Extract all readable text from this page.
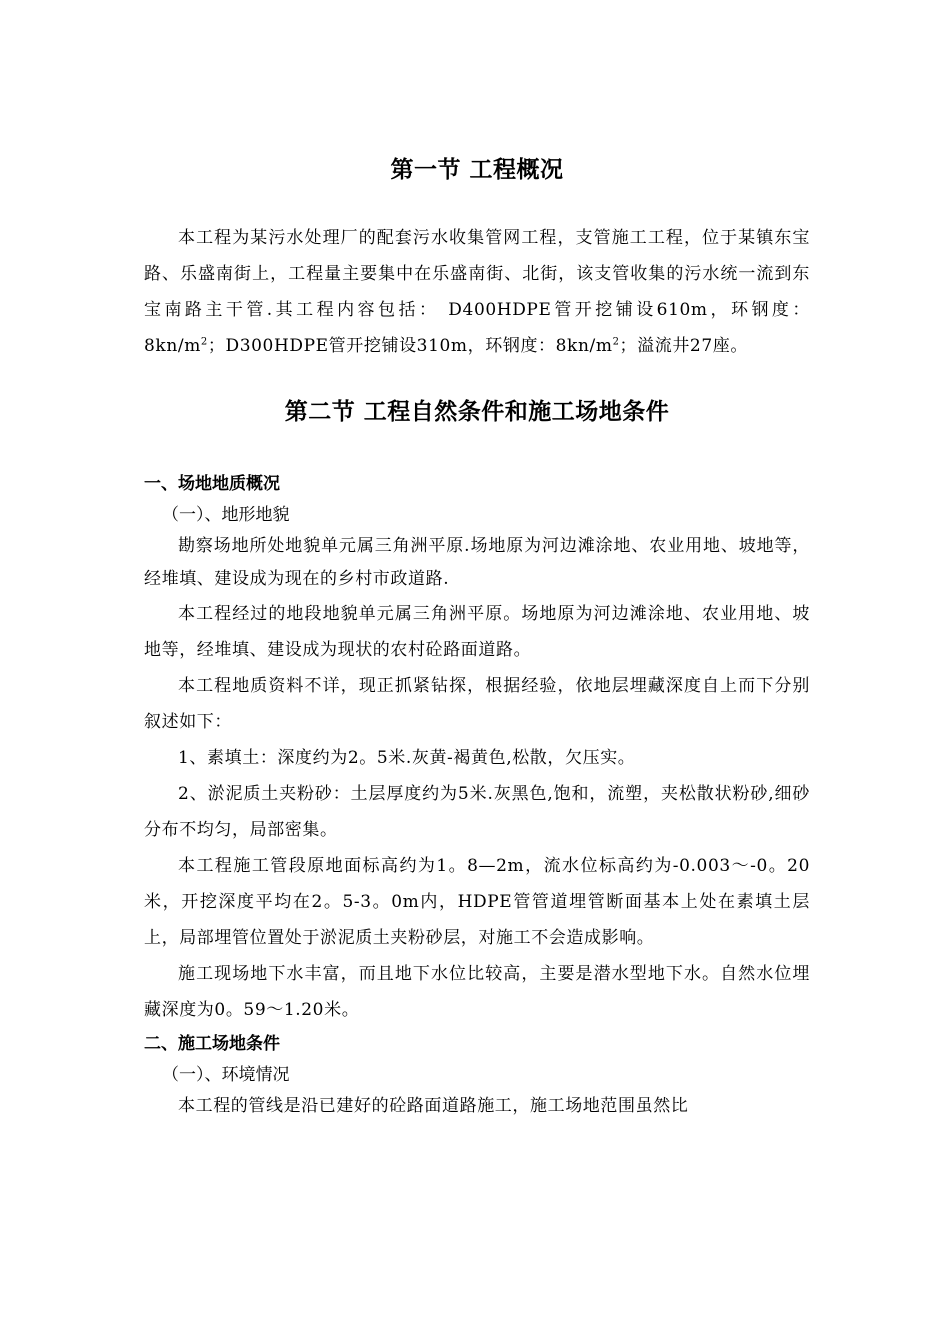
第一节 工程概况

本工程为某污水处理厂的配套污水收集管网工程，支管施工工程，位于某镇东宝路、乐盛南街上，工程量主要集中在乐盛南街、北街，该支管收集的污水统一流到东宝南路主干管.其工程内容包括： D400HDPE管开挖铺设610m，环钢度：$8kn/m^2$；D300HDPE管开挖铺设310m，环钢度：$8kn/m^2$；溢流井27座。

第二节 工程自然条件和施工场地条件

一、场地地质概况

（一）、地形地貌

勘察场地所处地貌单元属三角洲平原.场地原为河边滩涂地、农业用地、坡地等，经堆填、建设成为现在的乡村市政道路.

本工程经过的地段地貌单元属三角洲平原。场地原为河边滩涂地、农业用地、坡地等，经堆填、建设成为现状的农村砼路面道路。

本工程地质资料不详，现正抓紧钻探，根据经验，依地层埋藏深度自上而下分别叙述如下：

1、素填土：深度约为2。5米.灰黄-褐黄色,松散，欠压实。

2、淤泥质土夹粉砂：土层厚度约为5米.灰黑色,饱和，流塑，夹松散状粉砂,细砂分布不均匀，局部密集。

本工程施工管段原地面标高约为1。8—2m，流水位标高约为-0.003～-0。20米，开挖深度平均在2。5-3。0m内，HDPE管管道埋管断面基本上处在素填土层上，局部埋管位置处于淤泥质土夹粉砂层，对施工不会造成影响。

施工现场地下水丰富，而且地下水位比较高，主要是潜水型地下水。自然水位埋藏深度为0。59～1.20米。

二、施工场地条件

（一）、环境情况

本工程的管线是沿已建好的砼路面道路施工，施工场地范围虽然比
